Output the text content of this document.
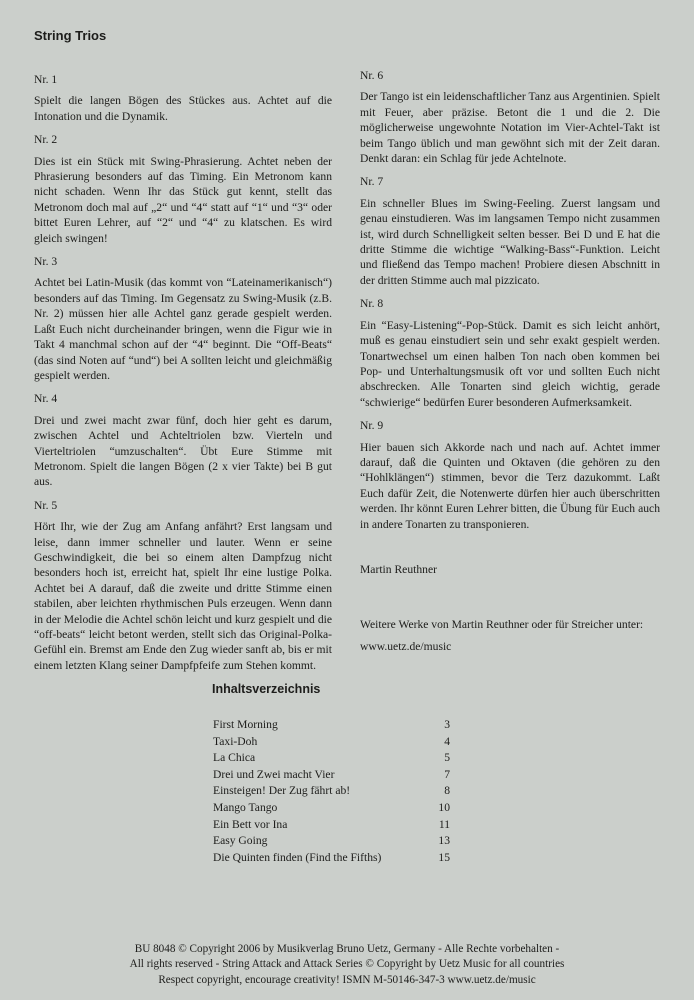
String Trios

Nr. 1

Spielt die langen Bögen des Stückes aus. Achtet auf die Intonation und die Dynamik.

Nr. 2

Dies ist ein Stück mit Swing-Phrasierung. Achtet neben der Phrasierung besonders auf das Timing. Ein Metronom kann nicht schaden. Wenn Ihr das Stück gut kennt, stellt das Metronom doch mal auf „2“ und “4“ statt auf “1“ und “3“ oder bittet Euren Lehrer, auf “2“ und “4“ zu klatschen. Es wird gleich swingen!

Nr. 3

Achtet bei Latin-Musik (das kommt von “Lateinamerikanisch“) besonders auf das Timing. Im Gegensatz zu Swing-Musik (z.B. Nr. 2) müssen hier alle Achtel ganz gerade gespielt werden. Laßt Euch nicht durcheinander bringen, wenn die Figur wie in Takt 4 manchmal schon auf der “4“ beginnt. Die “Off-Beats“ (das sind Noten auf “und“) bei A sollten leicht und gleichmäßig gespielt werden.

Nr. 4

Drei und zwei macht zwar fünf, doch hier geht es darum, zwischen Achtel und Achteltriolen bzw. Vierteln und Vierteltriolen “umzuschalten“. Übt Eure Stimme mit Metronom. Spielt die langen Bögen (2 x vier Takte) bei B gut aus.

Nr. 5

Hört Ihr, wie der Zug am Anfang anfährt? Erst langsam und leise, dann immer schneller und lauter. Wenn er seine Geschwindigkeit, die bei so einem alten Dampfzug nicht besonders hoch ist, erreicht hat, spielt Ihr eine lustige Polka. Achtet bei A darauf, daß die zweite und dritte Stimme einen stabilen, aber leichten rhythmischen Puls erzeugen. Wenn dann in der Melodie die Achtel schön leicht und kurz gespielt und die “off-beats“ leicht betont werden, stellt sich das Original-Polka-Gefühl ein. Bremst am Ende den Zug wieder sanft ab, bis er mit einem letzten Klang seiner Dampfpfeife zum Stehen kommt.

Nr. 6

Der Tango ist ein leidenschaftlicher Tanz aus Argentinien. Spielt mit Feuer, aber präzise. Betont die 1 und die 2. Die möglicherweise ungewohnte Notation im Vier-Achtel-Takt ist beim Tango üblich und man gewöhnt sich mit der Zeit daran. Denkt daran: ein Schlag für jede Achtelnote.

Nr. 7

Ein schneller Blues im Swing-Feeling. Zuerst langsam und genau einstudieren. Was im langsamen Tempo nicht zusammen ist, wird durch Schnelligkeit selten besser. Bei D und E hat die dritte Stimme die wichtige “Walking-Bass“-Funktion. Leicht und fließend das Tempo machen! Probiere diesen Abschnitt in der dritten Stimme auch mal pizzicato.

Nr. 8

Ein “Easy-Listening“-Pop-Stück. Damit es sich leicht anhört, muß es genau einstudiert sein und sehr exakt gespielt werden. Tonartwechsel um einen halben Ton nach oben kommen bei Pop- und Unterhaltungsmusik oft vor und sollten Euch nicht abschrecken. Alle Tonarten sind gleich wichtig, gerade “schwierige“ bedürfen Eurer besonderen Aufmerksamkeit.

Nr. 9

Hier bauen sich Akkorde nach und nach auf. Achtet immer darauf, daß die Quinten und Oktaven (die gehören zu den “Hohlklängen“) stimmen, bevor die Terz dazukommt. Laßt Euch dafür Zeit, die Notenwerte dürfen hier auch überschritten werden. Ihr könnt Euren Lehrer bitten, die Übung für Euch auch in andere Tonarten zu transponieren.

Martin Reuthner
Weitere Werke von Martin Reuthner oder für Streicher unter:
www.uetz.de/music
Inhaltsverzeichnis
First Morning	3
Taxi-Doh	4
La Chica	5
Drei und Zwei macht Vier	7
Einsteigen! Der Zug fährt ab!	8
Mango Tango	10
Ein Bett vor Ina	11
Easy Going	13
Die Quinten finden (Find the Fifths)	15
BU 8048 © Copyright 2006 by Musikverlag Bruno Uetz, Germany - Alle Rechte vorbehalten -
All rights reserved - String Attack and Attack Series © Copyright by Uetz Music for all countries
Respect copyright, encourage creativity! ISMN M-50146-347-3 www.uetz.de/music
